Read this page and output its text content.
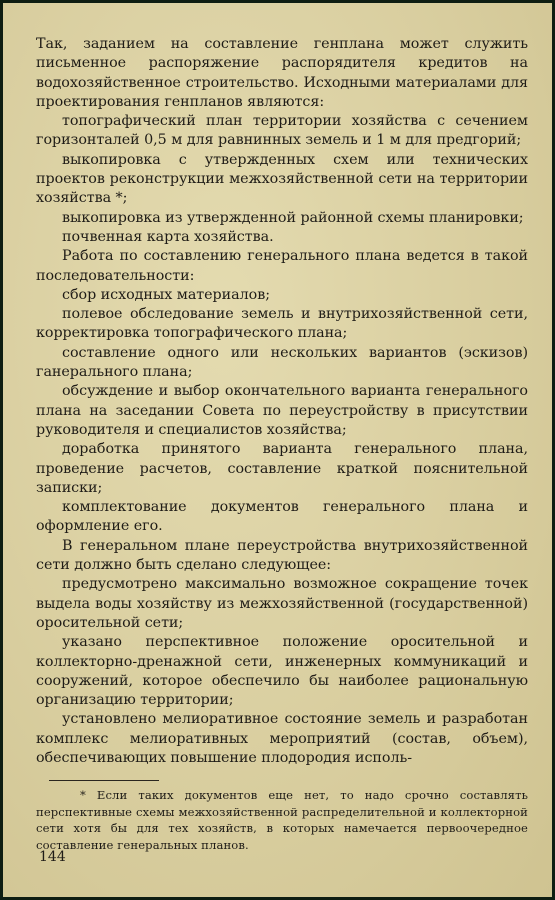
Так, заданием на составление генплана может служить письменное распоряжение распорядителя кредитов на водохозяйственное строительство. Исходными материалами для проектирования генпланов являются:

топографический план территории хозяйства с сечением горизонталей 0,5 м для равнинных земель и 1 м для предгорий;

выкопировка с утвержденных схем или технических проектов реконструкции межхозяйственной сети на территории хозяйства *;

выкопировка из утвержденной районной схемы планировки;

почвенная карта хозяйства.

Работа по составлению генерального плана ведется в такой последовательности:

сбор исходных материалов;

полевое обследование земель и внутрихозяйственной сети, корректировка топографического плана;

составление одного или нескольких вариантов (эскизов) ганерального плана;

обсуждение и выбор окончательного варианта генерального плана на заседании Совета по переустройству в присутствии руководителя и специалистов хозяйства;

доработка принятого варианта генерального плана, проведение расчетов, составление краткой пояснительной записки;

комплектование документов генерального плана и оформление его.

В генеральном плане переустройства внутрихозяйственной сети должно быть сделано следующее:

предусмотрено максимально возможное сокращение точек выдела воды хозяйству из межхозяйственной (государственной) оросительной сети;

указано перспективное положение оросительной и коллекторно-дренажной сети, инженерных коммуникаций и сооружений, которое обеспечило бы наиболее рациональную организацию территории;

установлено мелиоративное состояние земель и разработан комплекс мелиоративных мероприятий (состав, объем), обеспечивающих повышение плодородия исполь-

* Если таких документов еще нет, то надо срочно составлять перспективные схемы межхозяйственной распределительной и коллекторной сети хотя бы для тех хозяйств, в которых намечается первоочередное составление генеральных планов.

144
